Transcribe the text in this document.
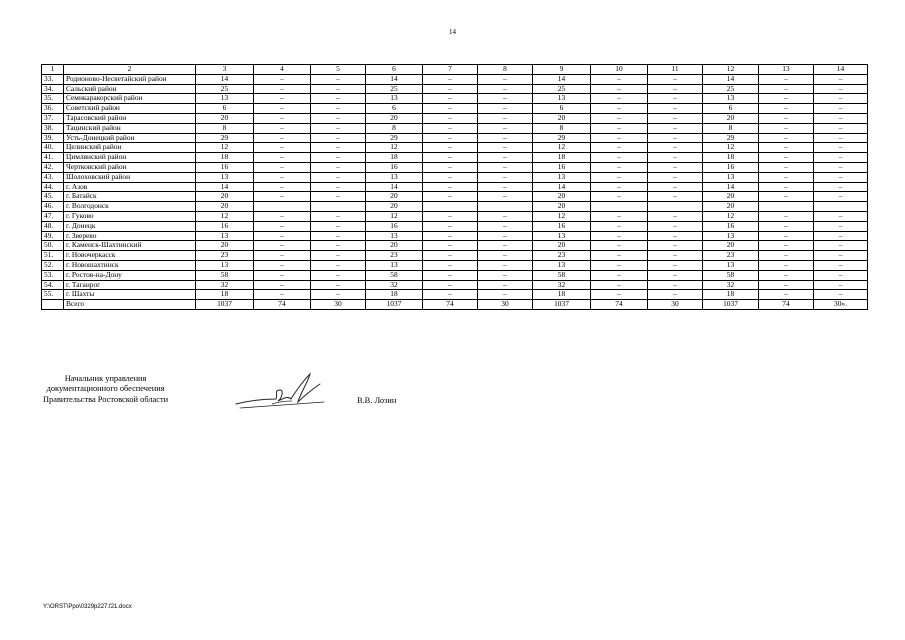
14
1	2	3	4	5	6	7	8	9	10	11	12	13	14
33.	Родионово-Несветайский район	14	–	–	14	–	–	14	–	–	14	–	–
34.	Сальский район	25	–	–	25	–	–	25	–	–	25	–	–
35.	Семикаракорский район	13	–	–	13	–	–	13	–	–	13	–	–
36.	Советский район	6	–	–	6	–	–	6	–	–	6	–	–
37.	Тарасовский район	20	–	–	20	–	–	20	–	–	20	–	–
38.	Тацинский район	8	–	–	8	–	–	8	–	–	8	–	–
39.	Усть-Донецкий район	29	–	–	29	–	–	29	–	–	29	–	–
40.	Целинский район	12	–	–	12	–	–	12	–	–	12	–	–
41.	Цимлянский район	18	–	–	18	–	–	18	–	–	18	–	–
42.	Чертковский район	16	–	–	16	–	–	16	–	–	16	–	–
43.	Шолоховский район	13	–	–	13	–	–	13	–	–	13	–	–
44.	г. Азов	14	–	–	14	–	–	14	–	–	14	–	–
45.	г. Батайск	20	–	–	20	–	–	20	–	–	20	–	–
46.	г. Волгодонск	20			20			20			20		
47.	г. Гуково	12	–	–	12	–	–	12	–	–	12	–	–
48.	г. Донецк	16	–	–	16	–	–	16	–	–	16	–	–
49.	г. Зверево	13	–	–	13	–	–	13	–	–	13	–	–
50.	г. Каменск-Шахтинский	20	–	–	20	–	–	20	–	–	20	–	–
51.	г. Новочеркасск	23	–	–	23	–	–	23	–	–	23	–	–
52.	г. Новошахтинск	13	–	–	13	–	–	13	–	–	13	–	–
53.	г. Ростов-на-Дону	58	–	–	58	–	–	58	–	–	58	–	–
54.	г. Таганрог	32	–	–	32	–	–	32	–	–	32	–	–
55.	г. Шахты	18	–	–	18	–	–	18	–	–	18	–	–
	Всего	1037	74	30	1037	74	30	1037	74	30	1037	74	30».
Начальник управления
документационного обеспечения
Правительства Ростовской области	В.В. Лозин
Y:\ORST\Ppo\0329p227.f21.docx
